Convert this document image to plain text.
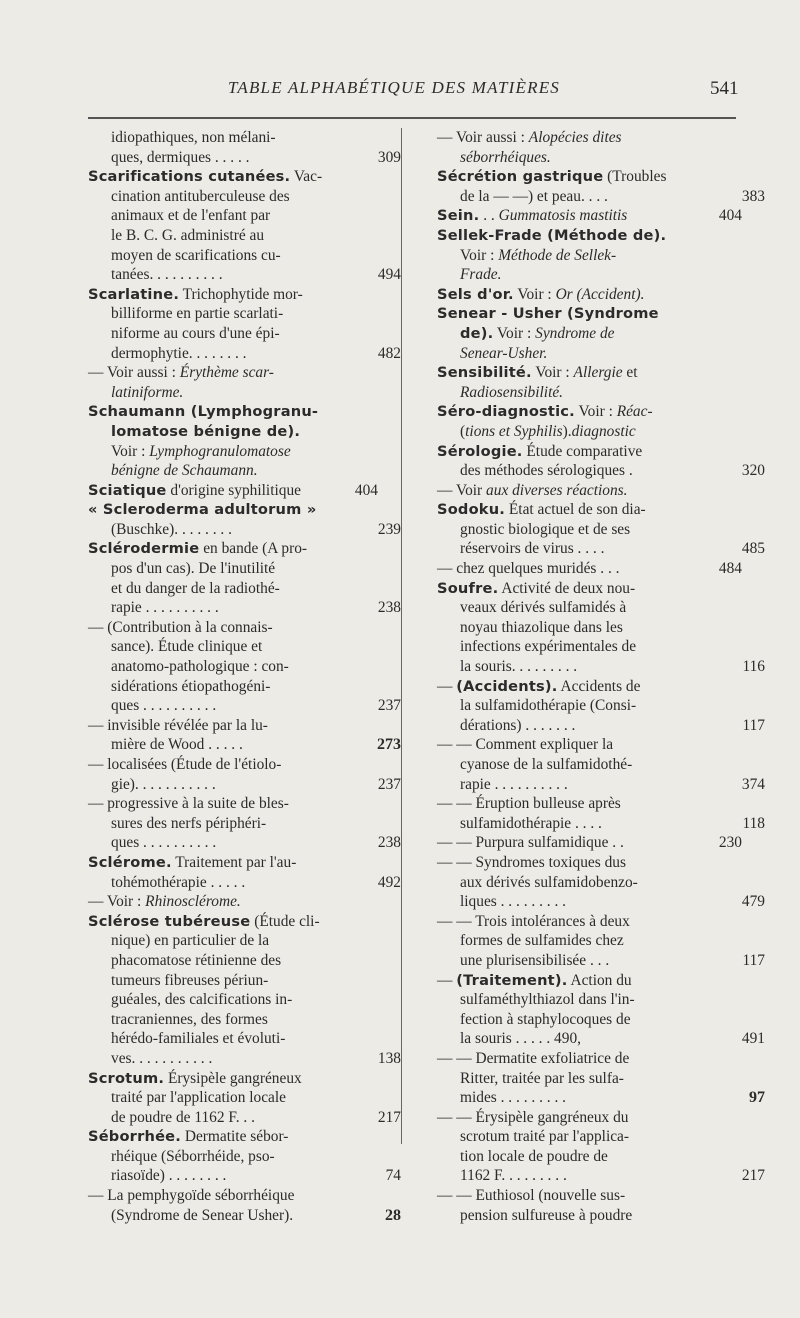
TABLE ALPHABÉTIQUE DES MATIÈRES	541
idiopathiques, non mélani-
ques, dermiques . . . . .	309
Scarifications cutanées. Vac-
cination antituberculeuse des
animaux et de l'enfant par
le B. C. G. administré au
moyen de scarifications cu-
tanées. . . . . . . . . .	494
Scarlatine. Trichophytide mor-
billiforme en partie scarlati-
niforme au cours d'une épi-
dermophytie. . . . . . . .	482
— Voir aussi : Érythème scar-
latiniforme.
Schaumann (Lymphogranu-
lomatose bénigne de).
Voir : Lymphogranulomatose
bénigne de Schaumann.
Sciatique d'origine syphilitique	404
« Scleroderma adultorum »
(Buschke). . . . . . . .	239
Sclérodermie en bande (A pro-
pos d'un cas). De l'inutilité
et du danger de la radiothé-
rapie . . . . . . . . . .	238
— (Contribution à la connais-
sance). Étude clinique et
anatomo-pathologique : con-
sidérations étiopathogéni-
ques . . . . . . . . . .	237
— invisible révélée par la lu-
mière de Wood . . . . .	273
— localisées (Étude de l'étiolo-
gie). . . . . . . . . . .	237
— progressive à la suite de bles-
sures des nerfs périphéri-
ques . . . . . . . . . .	238
Sclérome. Traitement par l'au-
tohémothérapie . . . . .	492
— Voir : Rhinosclérome.
Sclérose tubéreuse (Étude cli-
nique) en particulier de la
phacomatose rétinienne des
tumeurs fibreuses périun-
guéales, des calcifications in-
tracraniennes, des formes
hérédo-familiales et évoluti-
ves. . . . . . . . . . .	138
Scrotum. Érysipèle gangréneux
traité par l'application locale
de poudre de 1162 F. . .	217
Séborrhée. Dermatite sébor-
rhéique (Séborrhéide, pso-
riasoïde) . . . . . . . .	74
— La pemphygoïde séborrhéique
(Syndrome de Senear Usher).	28
— Voir aussi : Alopécies dites
séborrhéiques.
Sécrétion gastrique (Troubles
de la — —) et peau. . . .	383
Sein. . . Gummatosis mastitis	404
Sellek-Frade (Méthode de).
Voir : Méthode de Sellek-
Frade.
Sels d'or. Voir : Or (Accident).
Senear - Usher (Syndrome
de). Voir : Syndrome de
Senear-Usher.
Sensibilité. Voir : Allergie et
Radiosensibilité.
Séro-diagnostic. Voir : Réac-
(tions et Syphilis).diagnostic
Sérologie. Étude comparative
des méthodes sérologiques .	320
— Voir aux diverses réactions.
Sodoku. État actuel de son dia-
gnostic biologique et de ses
réservoirs de virus . . . .	485
— chez quelques muridés . . .	484
Soufre. Activité de deux nou-
veaux dérivés sulfamidés à
noyau thiazolique dans les
infections expérimentales de
la souris. . . . . . . . .	116
— (Accidents). Accidents de
la sulfamidothérapie (Consi-
dérations) . . . . . . .	117
— — Comment expliquer la
cyanose de la sulfamidothé-
rapie . . . . . . . . . .	374
— — Éruption bulleuse après
sulfamidothérapie . . . .	118
— — Purpura sulfamidique . .	230
— — Syndromes toxiques dus
aux dérivés sulfamidobenzo-
liques . . . . . . . . .	479
— — Trois intolérances à deux
formes de sulfamides chez
une plurisensibilisée . . .	117
— (Traitement). Action du
sulfaméthylthiazol dans l'in-
fection à staphylocoques de
la souris . . . . . 490,	491
— — Dermatite exfoliatrice de
Ritter, traitée par les sulfa-
mides . . . . . . . . .	97
— — Érysipèle gangréneux du
scrotum traité par l'applica-
tion locale de poudre de
1162 F. . . . . . . . .	217
— — Euthiosol (nouvelle sus-
pension sulfureuse à poudre
